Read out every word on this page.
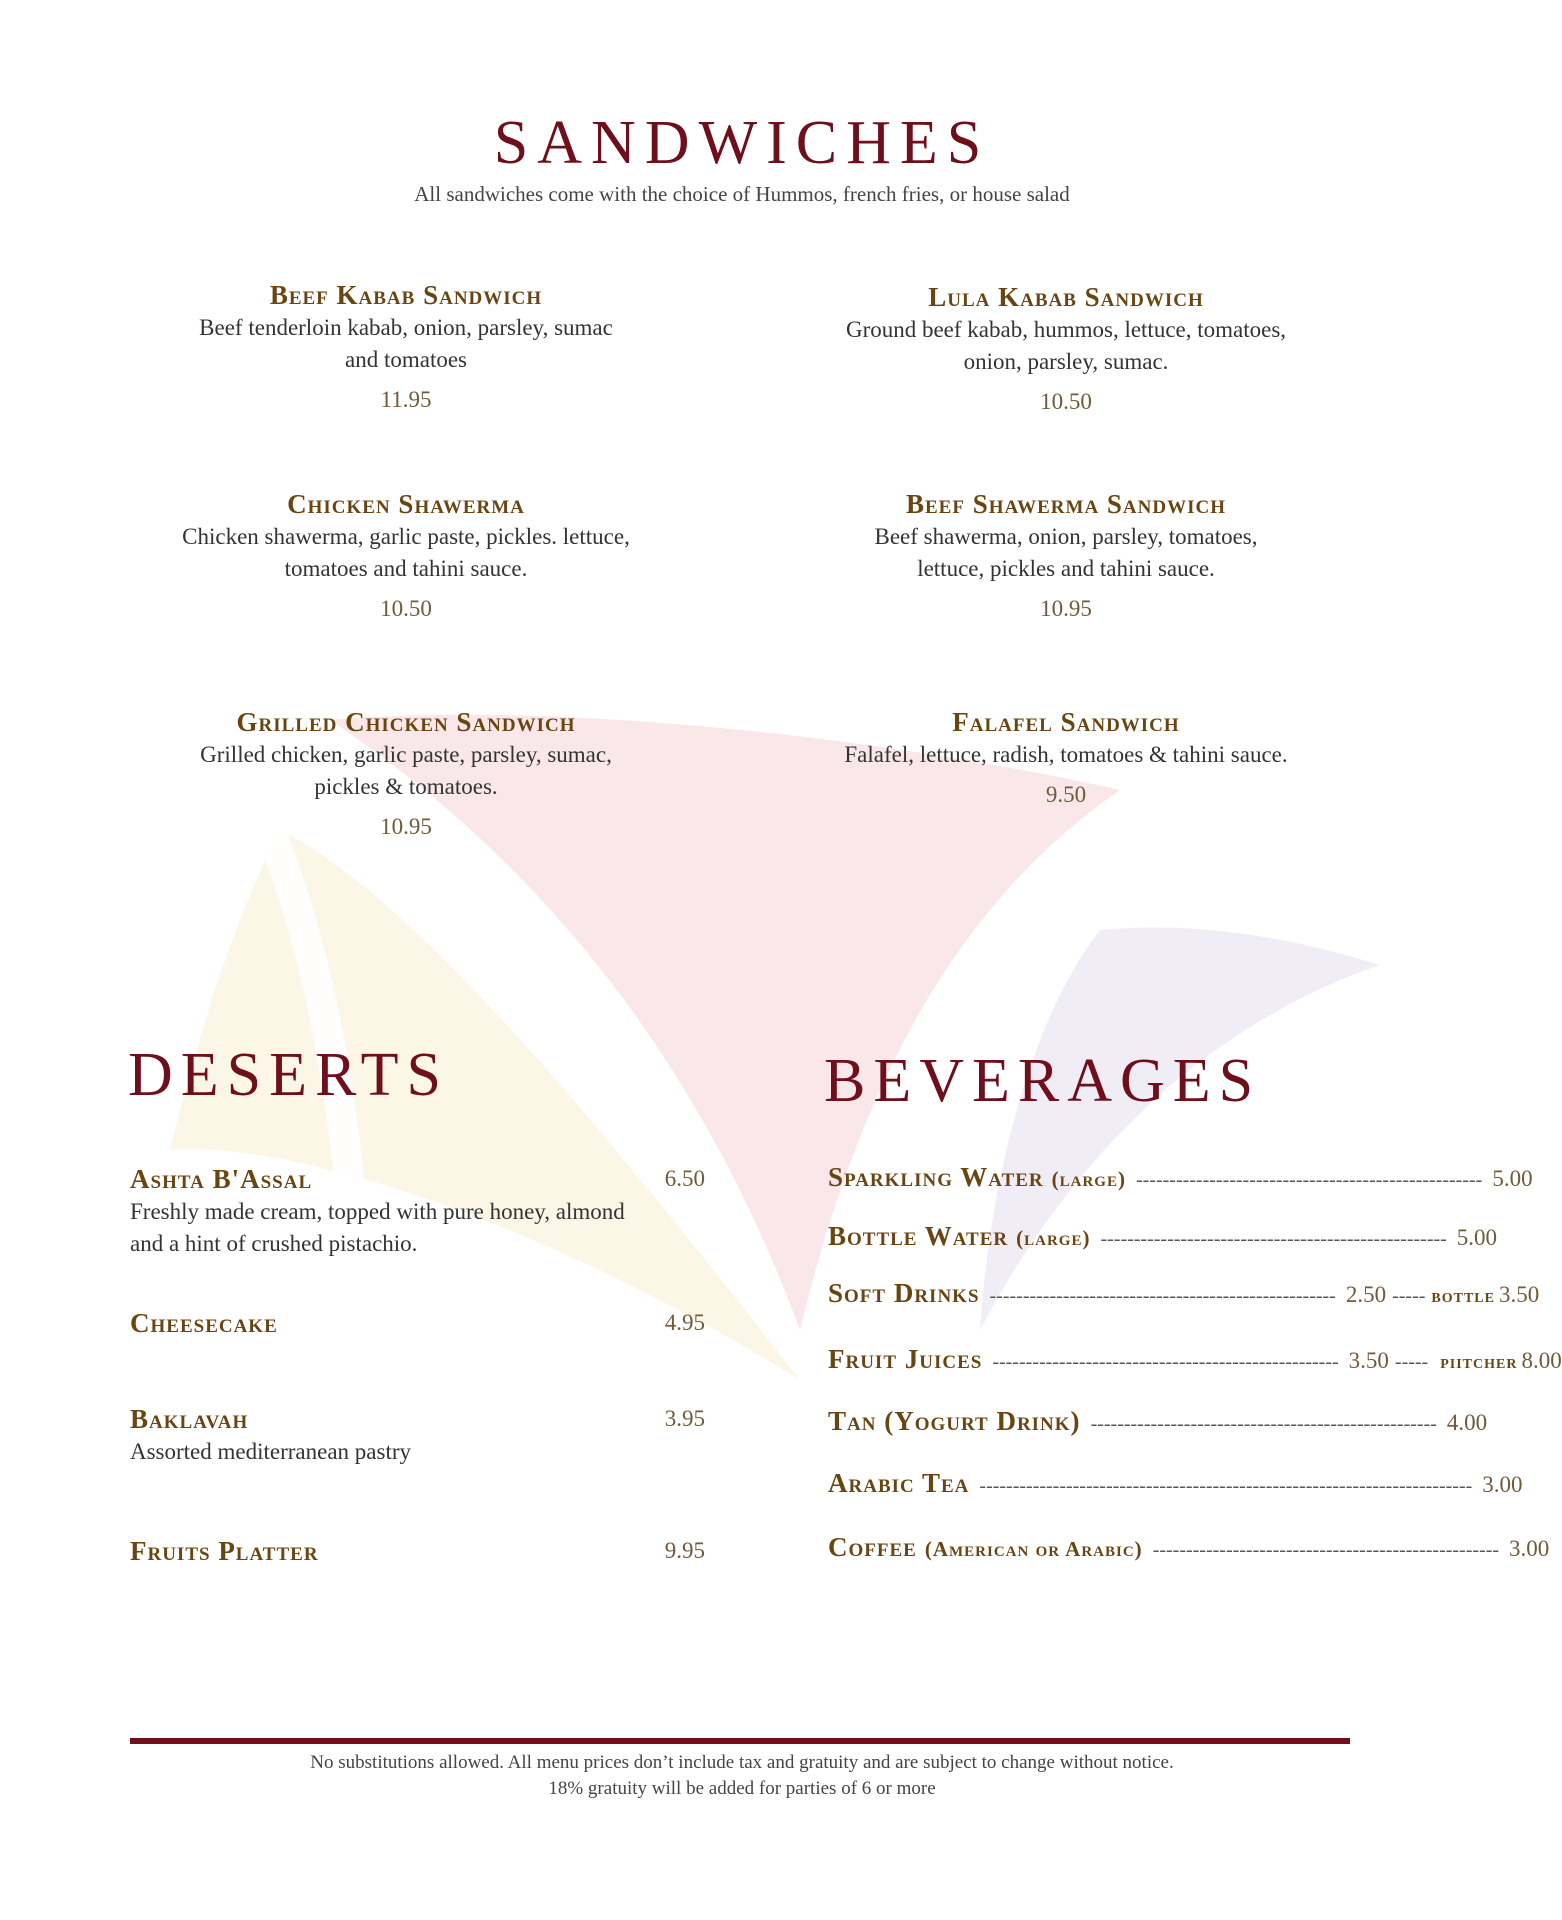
SANDWICHES
All sandwiches come with the choice of Hummos, french fries, or house salad
Beef Kabab Sandwich
Beef tenderloin kabab, onion, parsley, sumac
and tomatoes
11.95
Lula Kabab Sandwich
Ground beef kabab, hummos, lettuce, tomatoes,
onion, parsley, sumac.
10.50
Chicken Shawerma
Chicken shawerma, garlic paste, pickles. lettuce,
tomatoes and tahini sauce.
10.50
Beef Shawerma Sandwich
Beef shawerma, onion, parsley, tomatoes,
lettuce, pickles and tahini sauce.
10.95
Grilled Chicken Sandwich
Grilled chicken, garlic paste, parsley, sumac,
pickles & tomatoes.
10.95
Falafel Sandwich
Falafel, lettuce, radish, tomatoes & tahini sauce.
9.50
DESERTS
Ashta B'Assal	6.50
Freshly made cream, topped with pure honey, almond
and a hint of crushed pistachio.
Cheesecake	4.95
Baklavah	3.95
Assorted mediterranean pastry
Fruits Platter	9.95
BEVERAGES
Sparkling Water (large) ---------------------------------------------------- 5.00
Bottle Water (large) ---------------------------------------------------- 5.00
Soft Drinks ---------------------------------------------------- 2.50 ----- bottle 3.50
Fruit Juices ---------------------------------------------------- 3.50 ----- piitcher 8.00
Tan (Yogurt Drink) ---------------------------------------------------- 4.00
Arabic Tea -------------------------------------------------------------------------- 3.00
Coffee (American or Arabic) ---------------------------------------------------- 3.00
No substitutions allowed. All menu prices don’t include tax and gratuity and are subject to change without notice.
18% gratuity will be added for parties of 6 or more
